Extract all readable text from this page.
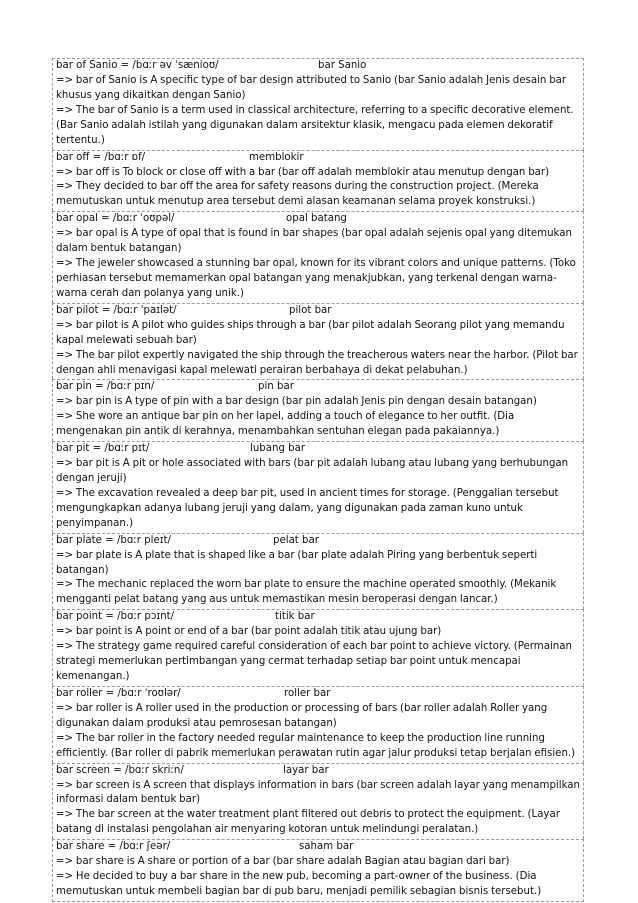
bar of Sanio = /bɑːr əv ˈsænioʊ/	bar Sanio

=> bar of Sanio is A specific type of bar design attributed to Sanio (bar Sanio adalah Jenis desain bar khusus yang dikaitkan dengan Sanio)

=> The bar of Sanio is a term used in classical architecture, referring to a specific decorative element. (Bar Sanio adalah istilah yang digunakan dalam arsitektur klasik, mengacu pada elemen dekoratif tertentu.)

bar off = /bɑːr ɒf/	memblokir

=> bar off is To block or close off with a bar (bar off adalah memblokir atau menutup dengan bar)

=> They decided to bar off the area for safety reasons during the construction project. (Mereka memutuskan untuk menutup area tersebut demi alasan keamanan selama proyek konstruksi.)

bar opal = /bɑːr ˈoʊpəl/	opal batang

=> bar opal is A type of opal that is found in bar shapes (bar opal adalah sejenis opal yang ditemukan dalam bentuk batangan)

=> The jeweler showcased a stunning bar opal, known for its vibrant colors and unique patterns. (Toko perhiasan tersebut memamerkan opal batangan yang menakjubkan, yang terkenal dengan warna-warna cerah dan polanya yang unik.)

bar pilot = /bɑːr ˈpaɪlət/	pilot bar

=> bar pilot is A pilot who guides ships through a bar (bar pilot adalah Seorang pilot yang memandu kapal melewati sebuah bar)

=> The bar pilot expertly navigated the ship through the treacherous waters near the harbor. (Pilot bar dengan ahli menavigasi kapal melewati perairan berbahaya di dekat pelabuhan.)

bar pin = /bɑːr pɪn/	pin bar

=> bar pin is A type of pin with a bar design (bar pin adalah Jenis pin dengan desain batangan)

=> She wore an antique bar pin on her lapel, adding a touch of elegance to her outfit. (Dia mengenakan pin antik di kerahnya, menambahkan sentuhan elegan pada pakaiannya.)

bar pit = /bɑːr pɪt/	lubang bar

=> bar pit is A pit or hole associated with bars (bar pit adalah lubang atau lubang yang berhubungan dengan jeruji)

=> The excavation revealed a deep bar pit, used in ancient times for storage. (Penggalian tersebut mengungkapkan adanya lubang jeruji yang dalam, yang digunakan pada zaman kuno untuk penyimpanan.)

bar plate = /bɑːr pleɪt/	pelat bar

=> bar plate is A plate that is shaped like a bar (bar plate adalah Piring yang berbentuk seperti batangan)

=> The mechanic replaced the worn bar plate to ensure the machine operated smoothly. (Mekanik mengganti pelat batang yang aus untuk memastikan mesin beroperasi dengan lancar.)

bar point = /bɑːr pɔɪnt/	titik bar

=> bar point is A point or end of a bar (bar point adalah titik atau ujung bar)

=> The strategy game required careful consideration of each bar point to achieve victory. (Permainan strategi memerlukan pertimbangan yang cermat terhadap setiap bar point untuk mencapai kemenangan.)

bar roller = /bɑːr ˈroʊlər/	roller bar

=> bar roller is A roller used in the production or processing of bars (bar roller adalah Roller yang digunakan dalam produksi atau pemrosesan batangan)

=> The bar roller in the factory needed regular maintenance to keep the production line running efficiently. (Bar roller di pabrik memerlukan perawatan rutin agar jalur produksi tetap berjalan efisien.)

bar screen = /bɑːr skriːn/	layar bar

=> bar screen is A screen that displays information in bars (bar screen adalah layar yang menampilkan informasi dalam bentuk bar)

=> The bar screen at the water treatment plant filtered out debris to protect the equipment. (Layar batang di instalasi pengolahan air menyaring kotoran untuk melindungi peralatan.)

bar share = /bɑːr ʃeər/	saham bar

=> bar share is A share or portion of a bar (bar share adalah Bagian atau bagian dari bar)

=> He decided to buy a bar share in the new pub, becoming a part-owner of the business. (Dia memutuskan untuk membeli bagian bar di pub baru, menjadi pemilik sebagian bisnis tersebut.)
